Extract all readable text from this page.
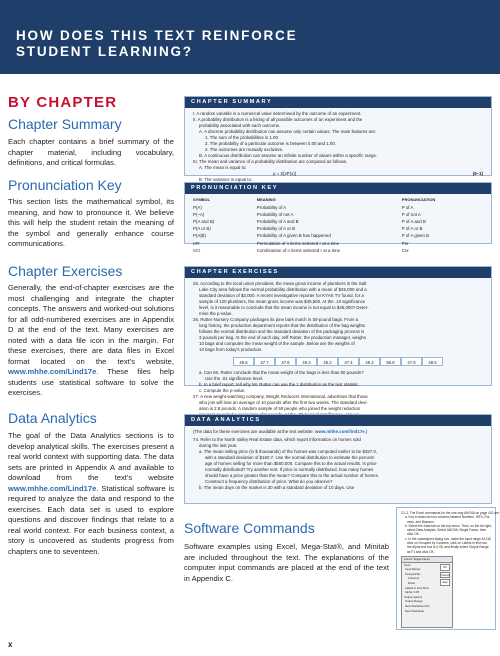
HOW DOES THIS TEXT REINFORCE
STUDENT LEARNING?
BY CHAPTER
Chapter Summary
Each chapter contains a brief summary of the chapter material, including vocabulary, definitions, and critical formulas.
Pronunciation Key
This section lists the mathematical symbol, its meaning, and how to pronounce it. We believe this will help the student retain the meaning of the symbol and generally enhance course communications.
Chapter Exercises
Generally, the end-of-chapter exercises are the most challenging and integrate the chapter concepts. The answers and worked-out solutions for all odd-numbered exercises are in Appendix D at the end of the text. Many exercises are noted with a data file icon in the margin. For these exercises, there are data files in Excel format located on the text's website, www.mhhe.com/Lind17e. These files help students use statistical software to solve the exercises.
Data Analytics
The goal of the Data Analytics sections is to develop analytical skills. The exercises present a real world context with supporting data. The data sets are printed in Appendix A and available to download from the text's website www.mhhe.com/Lind17e. Statistical software is required to analyze the data and respond to the exercises. Each data set is used to explore questions and discover findings that relate to a real world context. For each business context, a story is uncovered as students progress from chapters one to seventeen.
CHAPTER SUMMARY
I. A random variable is a numerical value determined by the outcome of an experiment.
II. A probability distribution is a listing of all possible outcomes of an experiment and the
probability associated with each outcome.
A. A discrete probability distribution can assume only certain values. The main features are:
1. The sum of the probabilities is 1.00.
2. The probability of a particular outcome is between 0.00 and 1.00.
3. The outcomes are mutually exclusive.
B. A continuous distribution can assume an infinite number of values within a specific range.
III. The mean and variance of a probability distribution are computed as follows.
A. The mean is equal to:
μ = Σ[xP(x)]	(6–1)
B. The variance is equal to:
PRONUNCIATION KEY
SYMBOL	MEANING	PRONUNCIATION
P(A)	Probability of A	P of A
P(~A)	Probability of not A	P of not A
P(A and B)	Probability of A and B	P of A and B
P(A or B)	Probability of A or B	P of A or B
P(A|B)	Probability of A given B has happened	P of A given B
nPr	Permutation of n items selected r at a time	Pnr
nCr	Combination of n items selected r at a time	Cnr
CHAPTER EXERCISES
25. According to the local union president, the mean gross income of plumbers in the Salt
Lake City area follows the normal probability distribution with a mean of $45,000 and a
standard deviation of $3,000. A recent investigative reporter for KYAK TV found, for a
sample of 120 plumbers, the mean gross income was $45,500. At the .10 significance
level, is it reasonable to conclude that the mean income is not equal to $45,000? Deter-
mine the p-value.
26. Rutter Nursery Company packages its pine bark mulch in 50-pound bags. From a
long history, the production department reports that the distribution of the bag weights
follows the normal distribution and the standard deviation of the packaging process is
3 pounds per bag. At the end of each day, Jeff Rutter, the production manager, weighs
10 bags and computes the mean weight of the sample. Below are the weights of
10 bags from today's production.
45.6	47.7	47.6	46.3	46.2	47.4	49.2	55.8	47.5	48.5
a. Can Mr. Rutter conclude that the mean weight of the bags is less than 50 pounds?
Use the .01 significance level.
b. In a brief report, tell why Mr. Rutter can use the z distribution as the test statistic.
c. Compute the p-value.
27. A new weight-watching company, Weight Reducers International, advertises that those
who join will lose an average of 10 pounds after the first two weeks. The standard devi-
ation is 2.8 pounds. A random sample of 50 people who joined the weight reduction
DATA ANALYTICS
(The data for these exercises are available at the text website: www.mhhe.com/lind17e.)
74. Refer to the North Valley Real Estate data, which report information on homes sold
during the last year.
a. The mean selling price (in $ thousands) of the homes was computed earlier to be $357.0,
with a standard deviation of $160.7. Use the normal distribution to estimate the percent-
age of homes selling for more than $500,000. Compare this to the actual results. Is price
normally distributed? Try another test. If price is normally distributed, how many homes
should have a price greater than the mean? Compare this to the actual number of homes.
Construct a frequency distribution of price. What do you observe?
b. The mean days on the market is 30 with a standard deviation of 10 days. Use
Software Commands
Software examples using Excel, Mega-Stat®, and Minitab are included throughout the text. The explanations of the computer input commands are placed at the end of the text in Appendix C.
12–2. The Excel commands for the one-way ANOVA on page 402 are:
a. Key in data into four columns labeled Northern, WTA, Pol-
ness, and Branson.
b. Select the Data tab on the top menu. Then, on the far right,
select Data Analysis. Select ANOVA: Single Factor, then
click OK.
c. In the subsequent dialog box, make the input range A1:D8,
click on Grouped by Columns, click on Labels in first row,
the Alpha text box is 0.05, and finally select Output Range
as F1 and click OK.
Anova: Single Factor
Input
Input Range:
Grouped By:
Columns
Rows
Labels in First Row
Alpha: 0.05
Output options
Output Range:
New Worksheet Ply:
New Workbook
OK
Cancel
Help
x
